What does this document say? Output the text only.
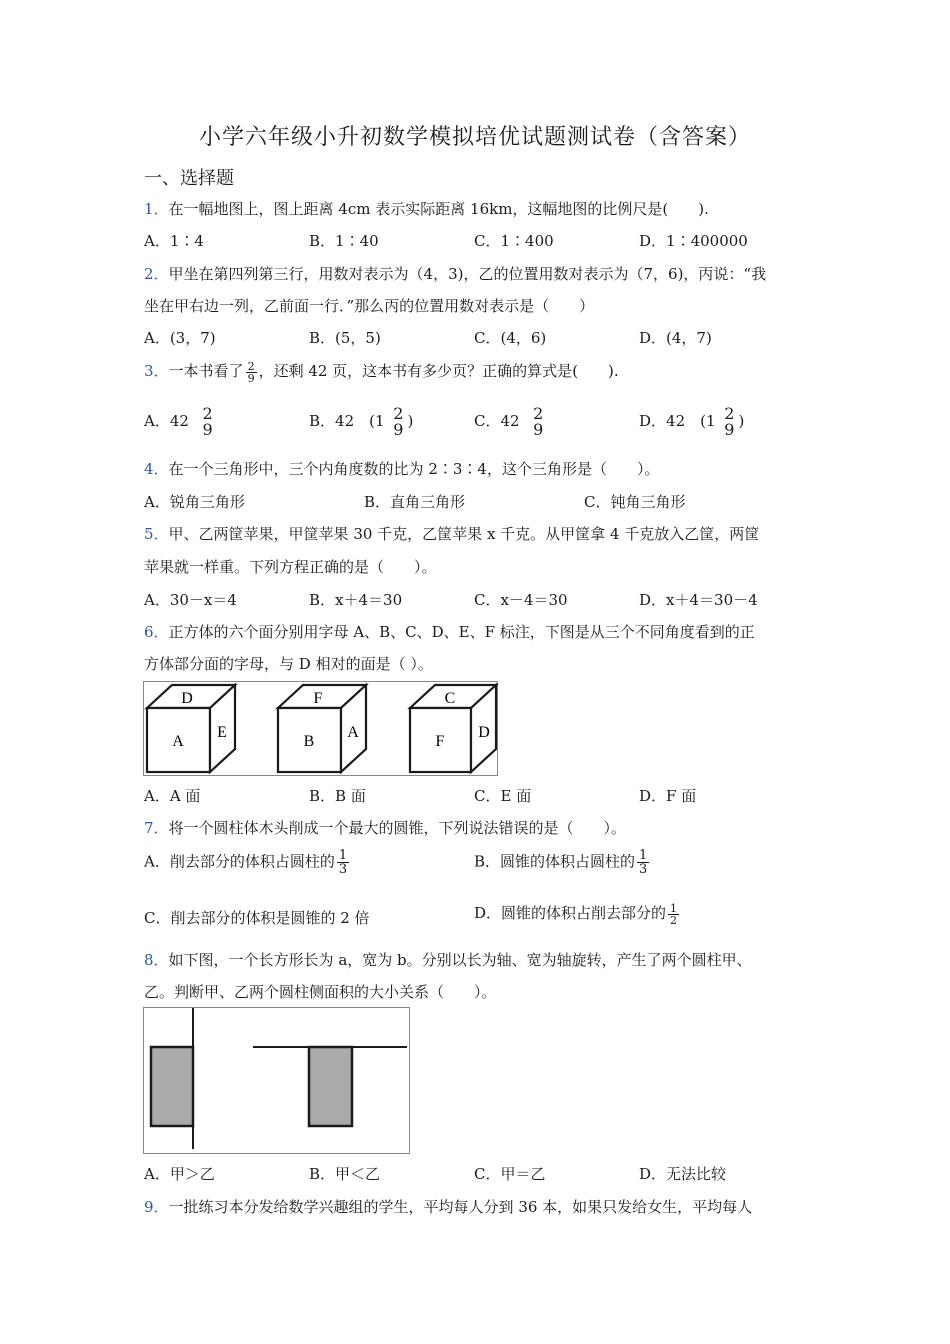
小学六年级小升初数学模拟培优试题测试卷（含答案）
一、选择题
1．在一幅地图上，图上距离 4cm 表示实际距离 16km，这幅地图的比例尺是(　　).
A．1∶4	B．1∶40	C．1∶400	D．1∶400000
2．甲坐在第四列第三行，用数对表示为（4，3)，乙的位置用数对表示为（7，6)，丙说：“我
坐在甲右边一列，乙前面一行．”那么丙的位置用数对表示是（　　）
A．(3，7)	B．(5，5)	C．(4，6)	D．(4，7)
3．一本书看了 $\frac{2}{9}$ ，还剩 42 页，这本书有多少页？正确的算式是(　　).
A．42 2
9	B．42　(1 2
9 )	C．42 2
9	D．42　(1 2
9 )
4．在一个三角形中，三个内角度数的比为 2∶3∶4，这个三角形是（　　）。
A．锐角三角形	B．直角三角形	C．钝角三角形
5．甲、乙两筐苹果，甲筐苹果 30 千克，乙筐苹果 x 千克。从甲筐拿 4 千克放入乙筐，两筐
苹果就一样重。下列方程正确的是（　　）。
A．30－x＝4	B．x＋4＝30	C．x－4＝30	D．x＋4＝30－4
6．正方体的六个面分别用字母 A、B、C、D、E、F 标注，下图是从三个不同角度看到的正
方体部分面的字母，与 D 相对的面是（ ）。
D
A
E
F
B
A
C
F
D
A．A 面	B．B 面	C．E 面	D．F 面
7．将一个圆柱体木头削成一个最大的圆锥，下列说法错误的是（　　）。
A．削去部分的体积占圆柱的 $\frac{1}{3}$	B．圆锥的体积占圆柱的 $\frac{1}{3}$
C．削去部分的体积是圆锥的 2 倍	D．圆锥的体积占削去部分的 $\frac{1}{2}$
8．如下图，一个长方形长为 a，宽为 b。分别以长为轴、宽为轴旋转，产生了两个圆柱甲、
乙。判断甲、乙两个圆柱侧面积的大小关系（　　）。
A．甲＞乙	B．甲＜乙	C．甲＝乙	D．无法比较
9．一批练习本分发给数学兴趣组的学生，平均每人分到 36 本，如果只发给女生，平均每人
